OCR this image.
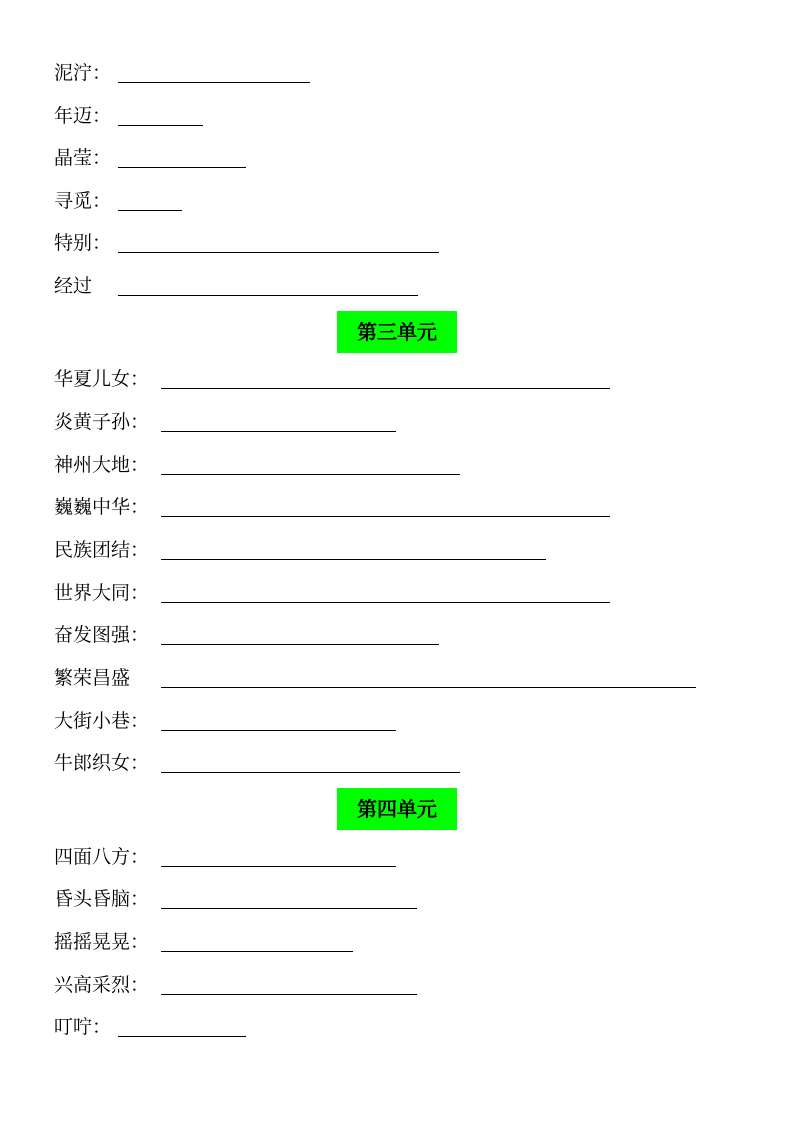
泥泞：
年迈：
晶莹：
寻觅：
特别：
经过
第三单元
华夏儿女：
炎黄子孙：
神州大地：
巍巍中华：
民族团结：
世界大同：
奋发图强：
繁荣昌盛
大街小巷：
牛郎织女：
第四单元
四面八方：
昏头昏脑：
摇摇晃晃：
兴高采烈：
叮咛：
